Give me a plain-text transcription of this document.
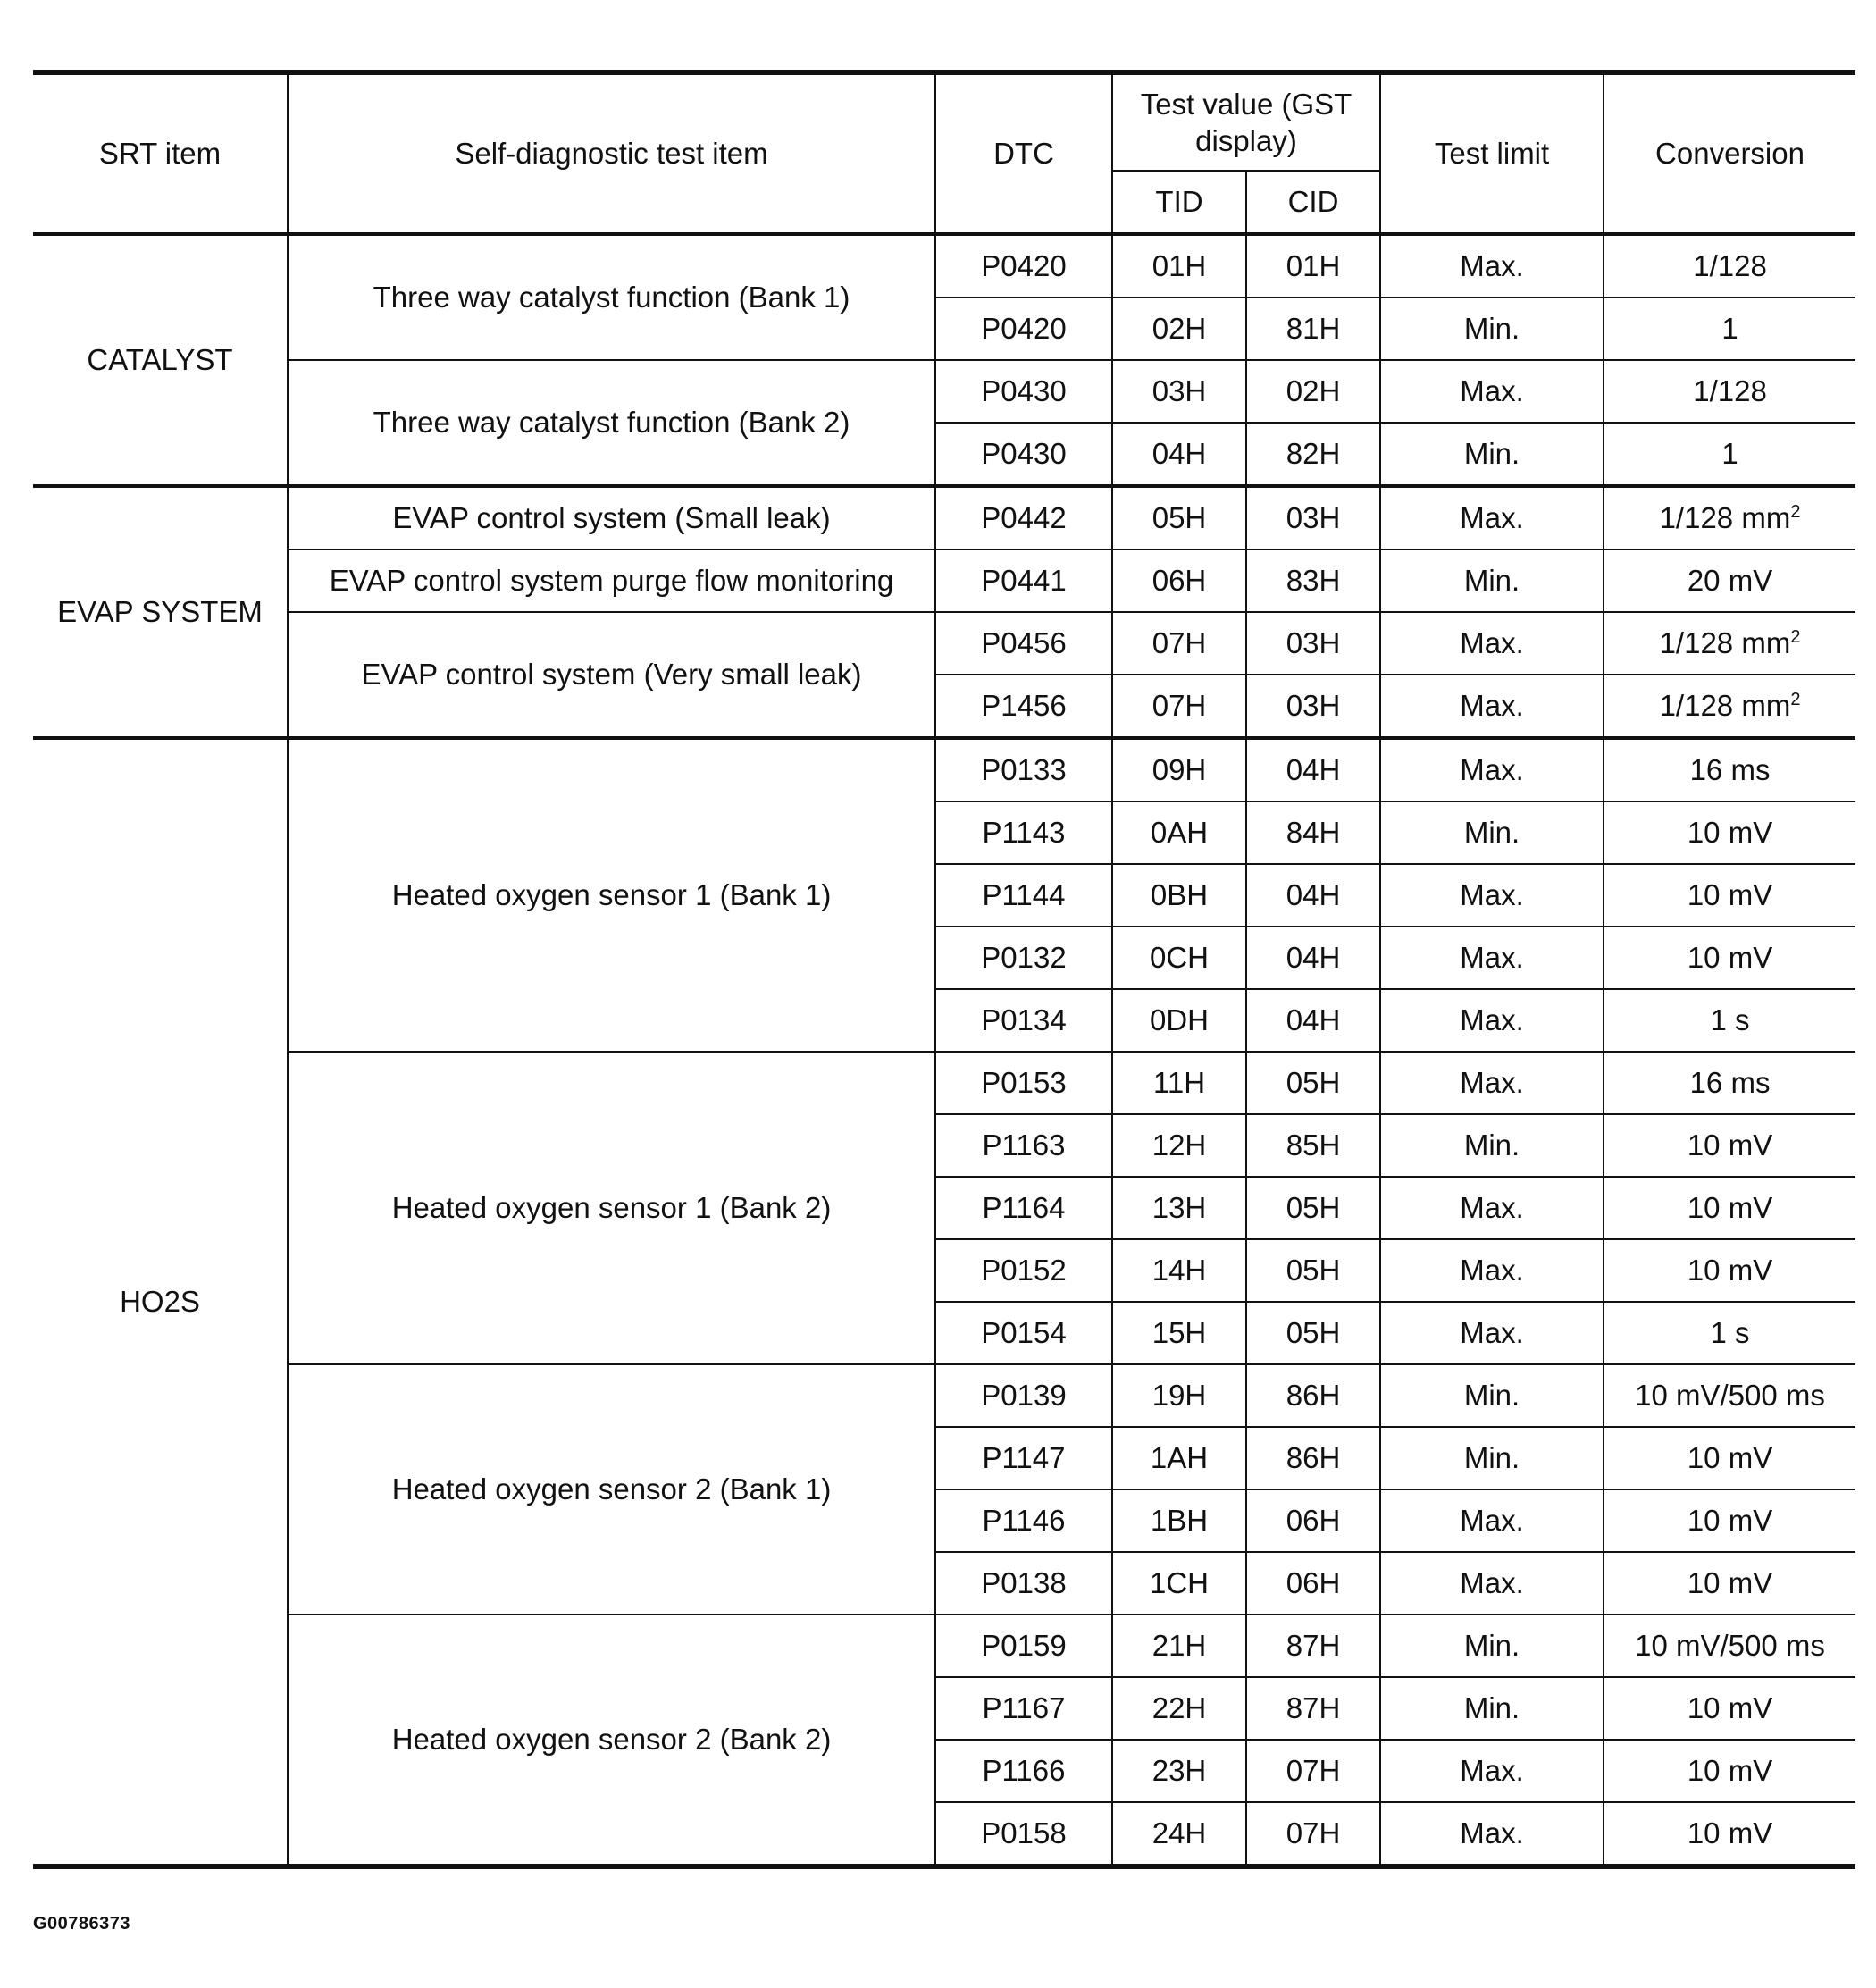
SRT item	Self-diagnostic test item	DTC	Test value (GST display)		Test limit	Conversion
			TID	CID		
CATALYST	Three way catalyst function (Bank 1)	P0420	01H	01H	Max.	1/128
		P0420	02H	81H	Min.	1
	Three way catalyst function (Bank 2)	P0430	03H	02H	Max.	1/128
		P0430	04H	82H	Min.	1
EVAP SYSTEM	EVAP control system (Small leak)	P0442	05H	03H	Max.	1/128 $mm^2$
	EVAP control system purge flow monitoring	P0441	06H	83H	Min.	20 mV
	EVAP control system (Very small leak)	P0456	07H	03H	Max.	1/128 $mm^2$
		P1456	07H	03H	Max.	1/128 $mm^2$
HO2S	Heated oxygen sensor 1 (Bank 1)	P0133	09H	04H	Max.	16 ms
		P1143	0AH	84H	Min.	10 mV
		P1144	0BH	04H	Max.	10 mV
		P0132	0CH	04H	Max.	10 mV
		P0134	0DH	04H	Max.	1 s
	Heated oxygen sensor 1 (Bank 2)	P0153	11H	05H	Max.	16 ms
		P1163	12H	85H	Min.	10 mV
		P1164	13H	05H	Max.	10 mV
		P0152	14H	05H	Max.	10 mV
		P0154	15H	05H	Max.	1 s
	Heated oxygen sensor 2 (Bank 1)	P0139	19H	86H	Min.	10 mV/500 ms
		P1147	1AH	86H	Min.	10 mV
		P1146	1BH	06H	Max.	10 mV
		P0138	1CH	06H	Max.	10 mV
	Heated oxygen sensor 2 (Bank 2)	P0159	21H	87H	Min.	10 mV/500 ms
		P1167	22H	87H	Min.	10 mV
		P1166	23H	07H	Max.	10 mV
		P0158	24H	07H	Max.	10 mV
G00786373
